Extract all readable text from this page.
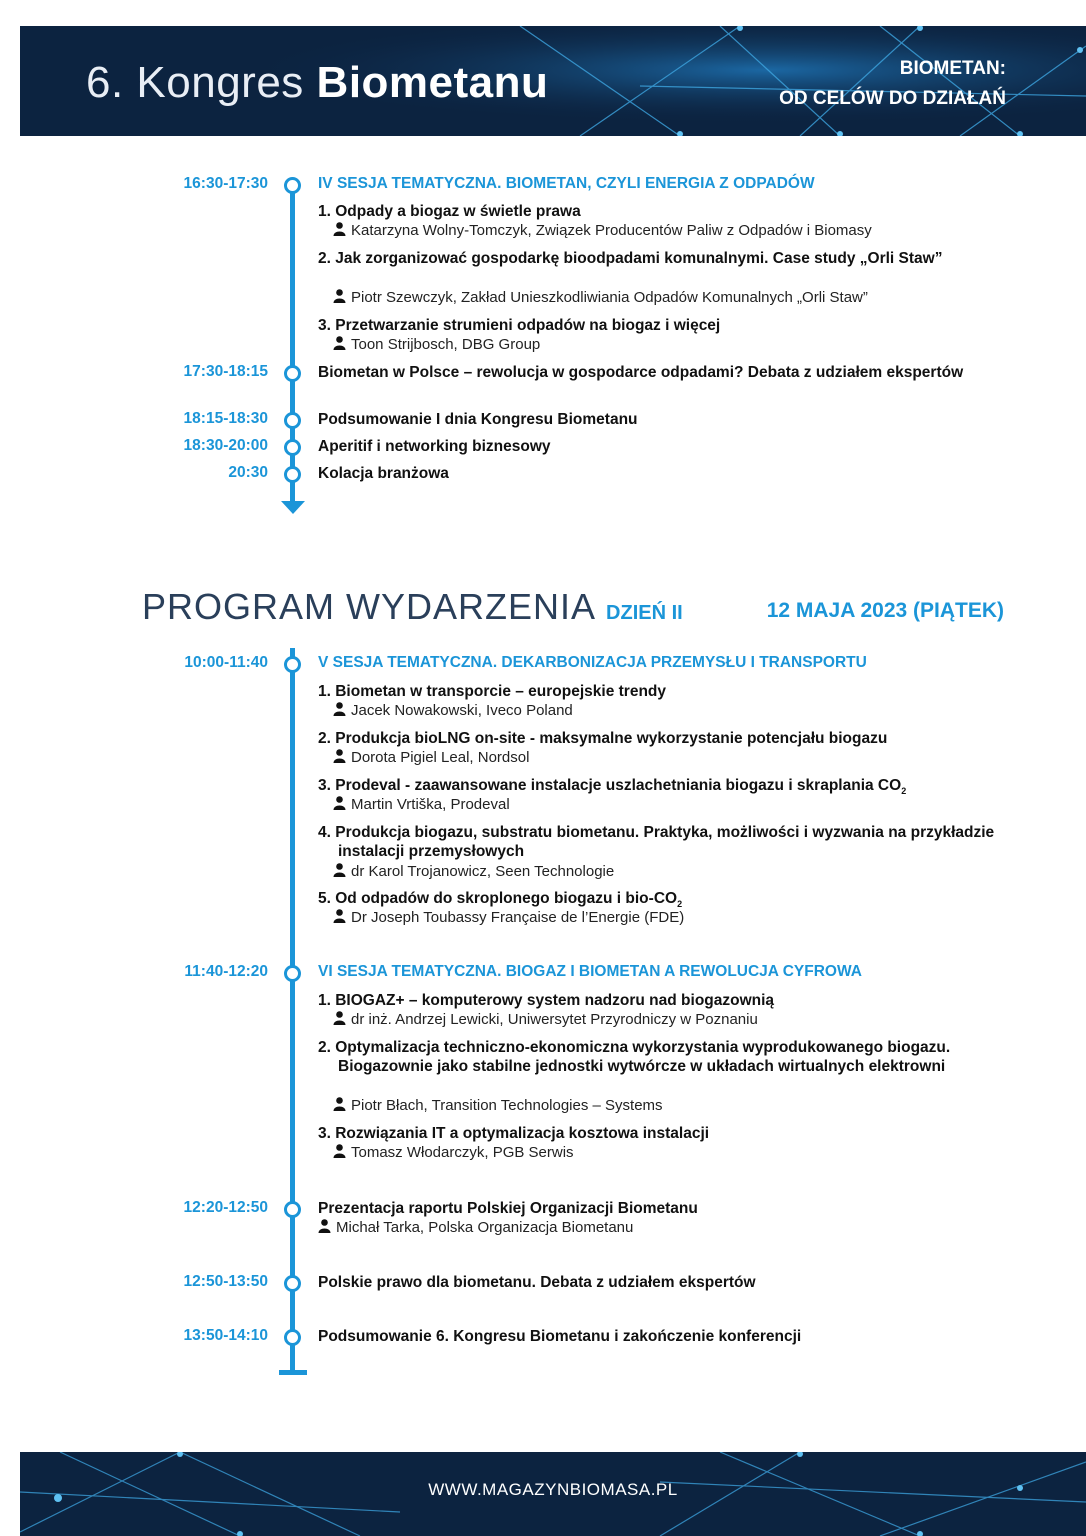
6. Kongres Biometanu	BIOMETAN:
OD CELÓW DO DZIAŁAŃ
16:30-17:30	IV SESJA TEMATYCZNA. BIOMETAN, CZYLI ENERGIA Z ODPADÓW
1. Odpady a biogaz w świetle prawa
Katarzyna Wolny-Tomczyk, Związek Producentów Paliw z Odpadów i Biomasy
2. Jak zorganizować gospodarkę bioodpadami komunalnymi. Case study „Orli Staw”
Piotr Szewczyk, Zakład Unieszkodliwiania Odpadów Komunalnych „Orli Staw”
3. Przetwarzanie strumieni odpadów na biogaz i więcej
Toon Strijbosch, DBG Group
17:30-18:15	Biometan w Polsce – rewolucja w gospodarce odpadami? Debata z udziałem ekspertów
18:15-18:30	Podsumowanie I dnia Kongresu Biometanu
18:30-20:00	Aperitif i networking biznesowy
20:30	Kolacja branżowa
PROGRAM WYDARZENIA DZIEŃ II	12 MAJA 2023 (PIĄTEK)
10:00-11:40	V SESJA TEMATYCZNA. DEKARBONIZACJA PRZEMYSŁU I TRANSPORTU
1. Biometan w transporcie – europejskie trendy
Jacek Nowakowski, Iveco Poland
2. Produkcja bioLNG on-site - maksymalne wykorzystanie potencjału biogazu
Dorota Pigiel Leal, Nordsol
3. Prodeval - zaawansowane instalacje uszlachetniania biogazu i skraplania $CO_2$
Martin Vrtiška, Prodeval
4. Produkcja biogazu, substratu biometanu. Praktyka, możliwości i wyzwania na przykładzie instalacji przemysłowych
dr Karol Trojanowicz, Seen Technologie
5. Od odpadów do skroplonego biogazu i bio-$CO_2$
Dr Joseph Toubassy Française de l’Energie (FDE)
11:40-12:20	VI SESJA TEMATYCZNA. BIOGAZ I BIOMETAN A REWOLUCJA CYFROWA
1. BIOGAZ+ – komputerowy system nadzoru nad biogazownią
dr inż. Andrzej Lewicki, Uniwersytet Przyrodniczy w Poznaniu
2. Optymalizacja techniczno-ekonomiczna wykorzystania wyprodukowanego biogazu. Biogazownie jako stabilne jednostki wytwórcze w układach wirtualnych elektrowni
Piotr Błach, Transition Technologies – Systems
3. Rozwiązania IT a optymalizacja kosztowa instalacji
Tomasz Włodarczyk, PGB Serwis
12:20-12:50	Prezentacja raportu Polskiej Organizacji Biometanu
Michał Tarka, Polska Organizacja Biometanu
12:50-13:50	Polskie prawo dla biometanu. Debata z udziałem ekspertów
13:50-14:10	Podsumowanie 6. Kongresu Biometanu i zakończenie konferencji
WWW.MAGAZYNBIOMASA.PL
